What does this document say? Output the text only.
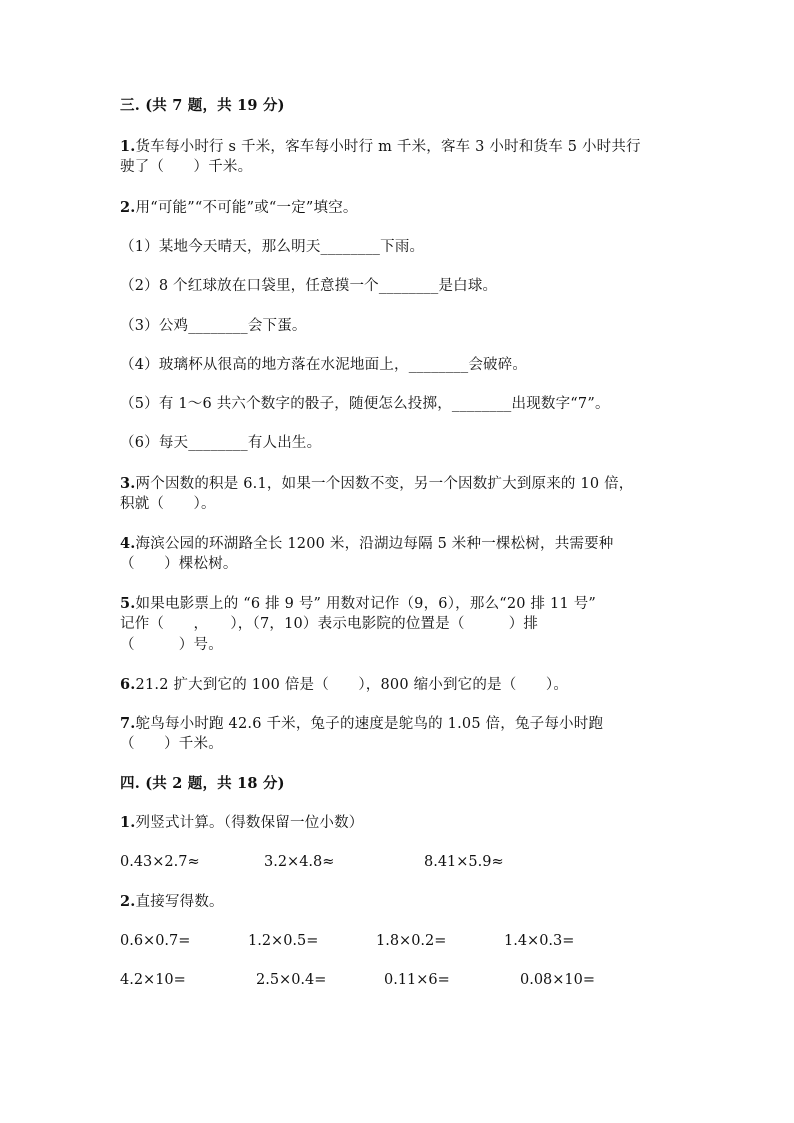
三. (共 7 题，共 19 分)
1.货车每小时行 s 千米，客车每小时行 m 千米，客车 3 小时和货车 5 小时共行
驶了（　　）千米。
2.用“可能”“不可能”或“一定”填空。
（1）某地今天晴天，那么明天________下雨。
（2）8 个红球放在口袋里，任意摸一个________是白球。
（3）公鸡________会下蛋。
（4）玻璃杯从很高的地方落在水泥地面上，________会破碎。
（5）有 1～6 共六个数字的骰子，随便怎么投掷，________出现数字“7”。
（6）每天________有人出生。
3.两个因数的积是 6.1，如果一个因数不变，另一个因数扩大到原来的 10 倍，
积就（　　）。
4.海滨公园的环湖路全长 1200 米，沿湖边每隔 5 米种一棵松树，共需要种
（　　）棵松树。
5.如果电影票上的 “6 排 9 号” 用数对记作（9，6），那么“20 排 11 号”
记作（　　，　　），（7，10）表示电影院的位置是（　　　）排
（　　　）号。
6.21.2 扩大到它的 100 倍是（　　），800 缩小到它的是（　　）。
7.鸵鸟每小时跑 42.6 千米，兔子的速度是鸵鸟的 1.05 倍，兔子每小时跑
（　　）千米。
四. (共 2 题，共 18 分)
1.列竖式计算。（得数保留一位小数）
0.43×2.7≈	3.2×4.8≈	8.41×5.9≈
2.直接写得数。
0.6×0.7=	1.2×0.5=	1.8×0.2=	1.4×0.3=
4.2×10=	2.5×0.4=	0.11×6=	0.08×10=
